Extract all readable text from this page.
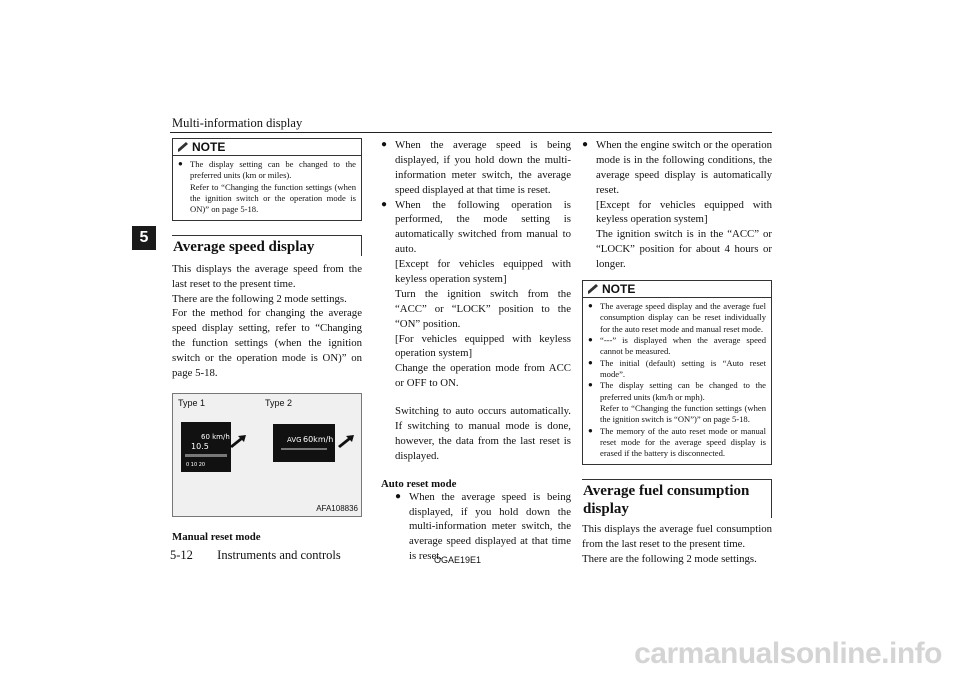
Multi-information display
5
NOTE
● The display setting can be changed to the preferred units (km or miles).
Refer to “Changing the function settings (when the ignition switch or the operation mode is ON)” on page 5-18.
Average speed display
This displays the average speed from the last reset to the present time.
There are the following 2 mode settings.
For the method for changing the average speed display setting, refer to “Changing the function settings (when the ignition switch or the operation mode is ON)” on page 5-18.
Type 1	Type 2
60 km/h
10.5
0 10 20
AVG 60km/h
AFA108836
Manual reset mode
● When the average speed is being displayed, if you hold down the multi-information meter switch, the average speed displayed at that time is reset.
● When the following operation is performed, the mode setting is automatically switched from manual to auto.
[Except for vehicles equipped with keyless operation system]
Turn the ignition switch from the “ACC” or “LOCK” position to the “ON” position.
[For vehicles equipped with keyless operation system]
Change the operation mode from ACC or OFF to ON.
Switching to auto occurs automatically. If switching to manual mode is done, however, the data from the last reset is displayed.
Auto reset mode
● When the average speed is being displayed, if you hold down the multi-information meter switch, the average speed displayed at that time is reset.
● When the engine switch or the operation mode is in the following conditions, the average speed display is automatically reset.
[Except for vehicles equipped with keyless operation system]
The ignition switch is in the “ACC” or “LOCK” position for about 4 hours or longer.
NOTE
● The average speed display and the average fuel consumption display can be reset individually for the auto reset mode and manual reset mode.
● “---” is displayed when the average speed cannot be measured.
● The initial (default) setting is “Auto reset mode”.
● The display setting can be changed to the preferred units (km/h or mph).
Refer to “Changing the function settings (when the ignition switch is “ON”)” on page 5-18.
● The memory of the auto reset mode or manual reset mode for the average speed display is erased if the battery is disconnected.
Average fuel consumption display
This displays the average fuel consumption from the last reset to the present time.
There are the following 2 mode settings.
5-12 Instruments and controls	OGAE19E1
carmanualsonline.info
